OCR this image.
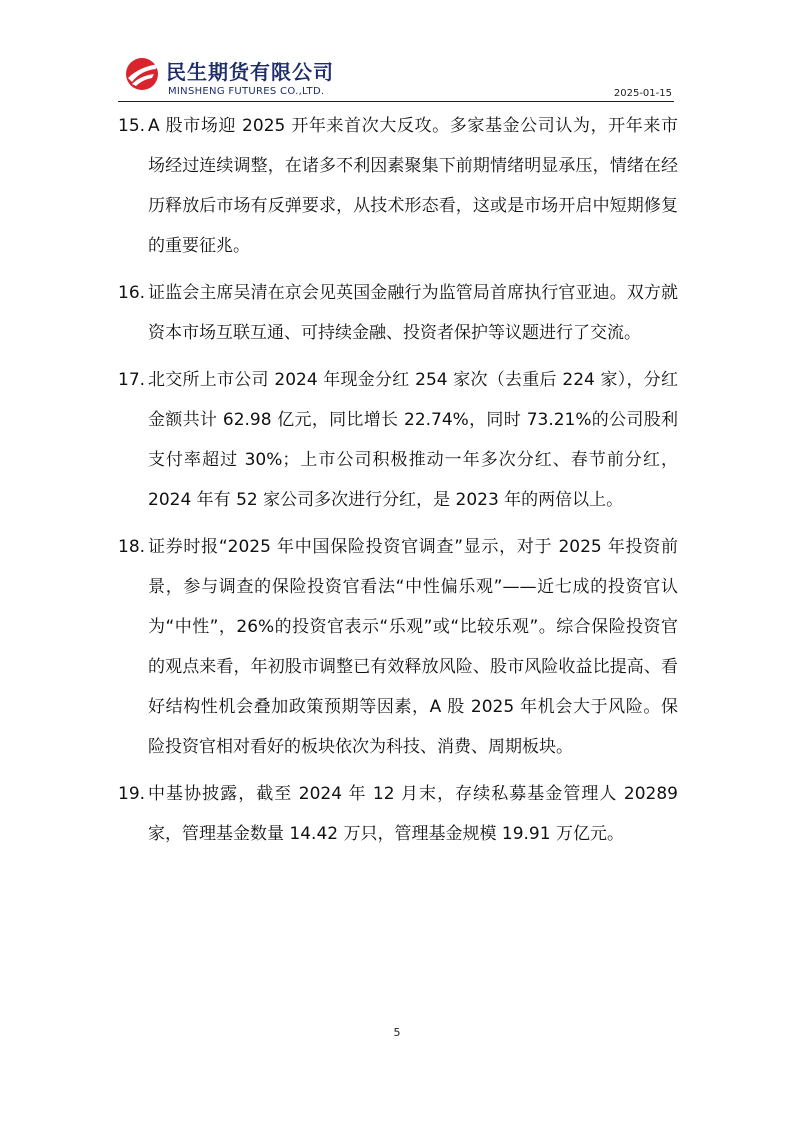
民生期货有限公司
MINSHENG FUTURES CO.,LTD.	2025-01-15
15. A 股市场迎 2025 开年来首次大反攻。多家基金公司认为，开年来市场经过连续调整，在诸多不利因素聚集下前期情绪明显承压，情绪在经历释放后市场有反弹要求，从技术形态看，这或是市场开启中短期修复的重要征兆。
16. 证监会主席吴清在京会见英国金融行为监管局首席执行官亚迪。双方就资本市场互联互通、可持续金融、投资者保护等议题进行了交流。
17. 北交所上市公司 2024 年现金分红 254 家次（去重后 224 家），分红金额共计 62.98 亿元，同比增长 22.74%，同时 73.21%的公司股利支付率超过 30%；上市公司积极推动一年多次分红、春节前分红，2024 年有 52 家公司多次进行分红，是 2023 年的两倍以上。
18. 证券时报“2025 年中国保险投资官调查”显示，对于 2025 年投资前景，参与调查的保险投资官看法“中性偏乐观”——近七成的投资官认为“中性”，26%的投资官表示“乐观”或“比较乐观”。综合保险投资官的观点来看，年初股市调整已有效释放风险、股市风险收益比提高、看好结构性机会叠加政策预期等因素，A 股 2025 年机会大于风险。保险投资官相对看好的板块依次为科技、消费、周期板块。
19. 中基协披露，截至 2024 年 12 月末，存续私募基金管理人 20289 家，管理基金数量 14.42 万只，管理基金规模 19.91 万亿元。
5
